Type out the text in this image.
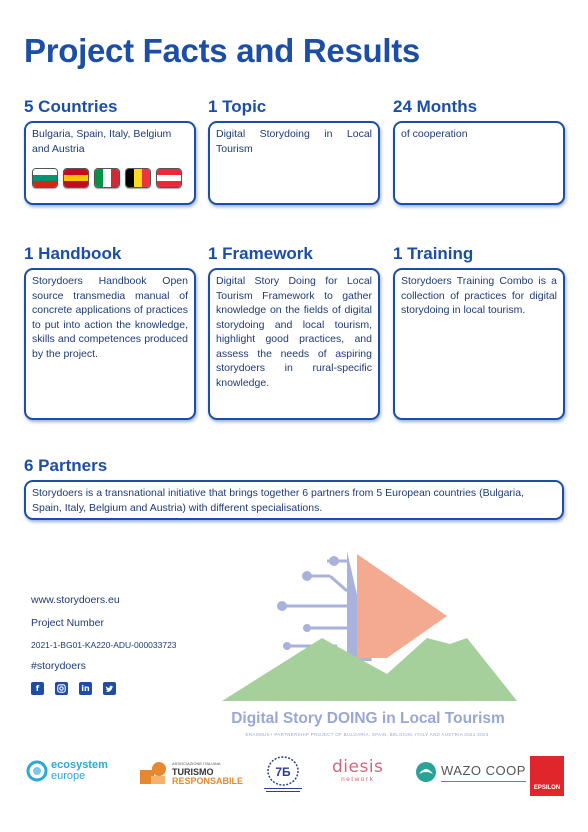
Project Facts and Results
5 Countries
Bulgaria, Spain, Italy, Belgium and Austria
1 Topic
Digital Storydoing in Local Tourism
24 Months
of cooperation
1 Handbook
Storydoers Handbook Open source transmedia manual of concrete applications of practices to put into action the knowledge, skills and competences produced by the project.
1 Framework
Digital Story Doing for Local Tourism Framework to gather knowledge on the fields of digital storydoing and local tourism, highlight good practices, and assess the needs of aspiring storydoers in rural-specific knowledge.
1 Training
Storydoers Training Combo is a collection of practices for digital storydoing in local tourism.
6 Partners
Storydoers is a transnational initiative that brings together 6 partners from 5 European countries (Bulgaria, Spain, Italy, Belgium and Austria) with different specialisations.
www.storydoers.eu
Project Number
2021-1-BG01-KA220-ADU-000033723
#storydoers
f	in
Digital Story DOING in Local Tourism
ERASMUS+ PARTNERSHIP PROJECT OF BULGARIA, SPAIN, BELGIUM, ITALY AND AUSTRIA 2021-2023
ecosystem
europe
ASSOCIAZIONE ITALIANA
TURISMO
RESPONSABILE
7Б diesis
network
WAZO COOP
EPSILON
